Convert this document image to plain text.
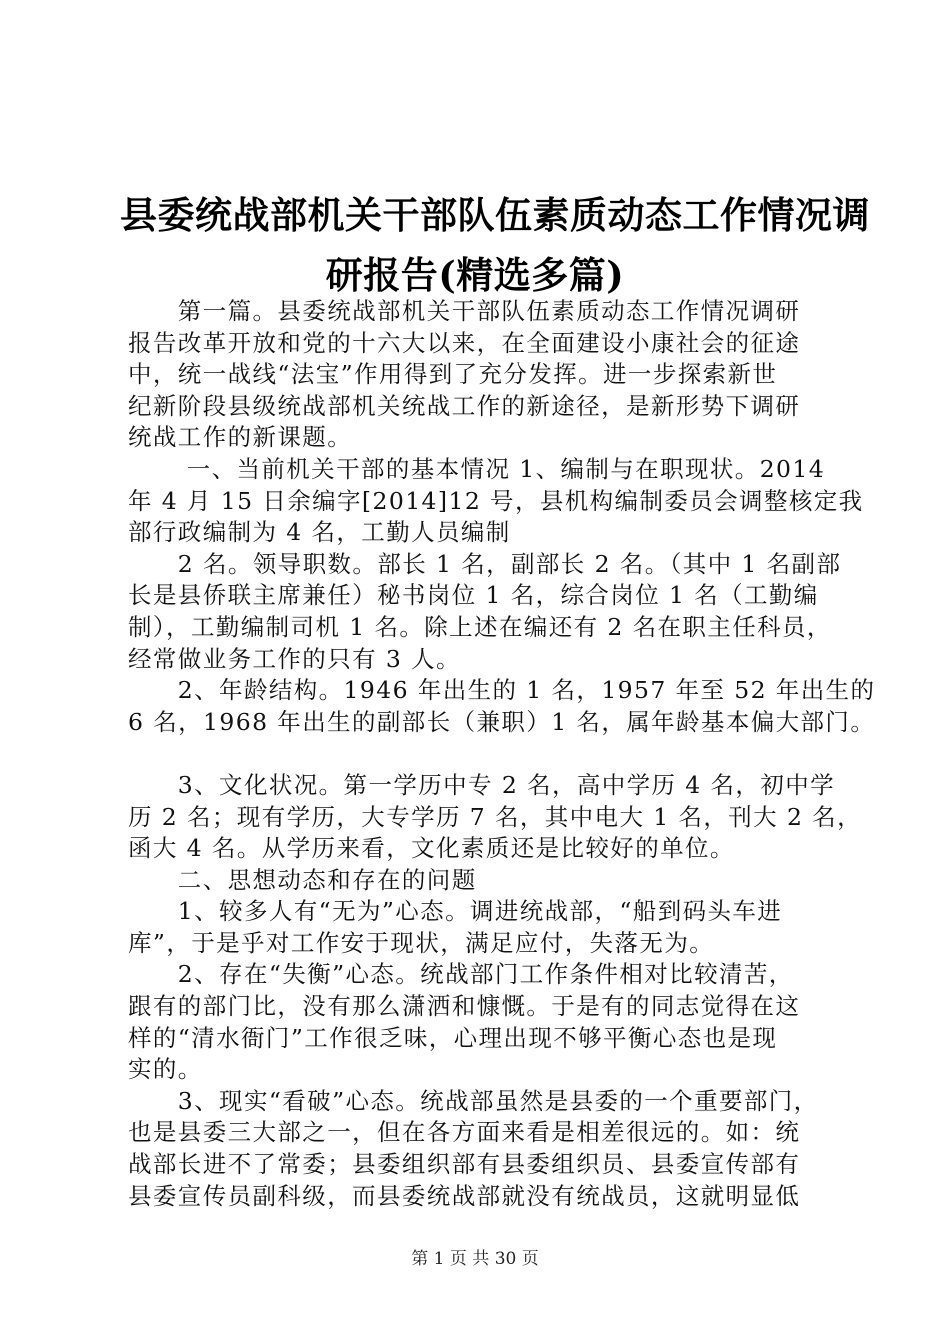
县委统战部机关干部队伍素质动态工作情况调
研报告(精选多篇)
　　第一篇。县委统战部机关干部队伍素质动态工作情况调研
报告改革开放和党的十六大以来，在全面建设小康社会的征途
中，统一战线“法宝”作用得到了充分发挥。进一步探索新世
纪新阶段县级统战部机关统战工作的新途径，是新形势下调研
统战工作的新课题。
　　 一、当前机关干部的基本情况 1、编制与在职现状。2014
年 4 月 15 日余编字[2014]12 号，县机构编制委员会调整核定我
部行政编制为 4 名，工勤人员编制
　　2 名。领导职数。部长 1 名，副部长 2 名。（其中 1 名副部
长是县侨联主席兼任）秘书岗位 1 名，综合岗位 1 名（工勤编
制），工勤编制司机 1 名。除上述在编还有 2 名在职主任科员，
经常做业务工作的只有 3 人。
　　2、年龄结构。1946 年出生的 1 名，1957 年至 52 年出生的
6 名，1968 年出生的副部长（兼职）1 名，属年龄基本偏大部门。
　　3、文化状况。第一学历中专 2 名，高中学历 4 名，初中学
历 2 名；现有学历，大专学历 7 名，其中电大 1 名，刊大 2 名，
函大 4 名。从学历来看，文化素质还是比较好的单位。
　　二、思想动态和存在的问题
　　1、较多人有“无为”心态。调进统战部，“船到码头车进
库”，于是乎对工作安于现状，满足应付，失落无为。
　　2、存在“失衡”心态。统战部门工作条件相对比较清苦，
跟有的部门比，没有那么潇洒和慷慨。于是有的同志觉得在这
样的“清水衙门”工作很乏味，心理出现不够平衡心态也是现
实的。
　　3、现实“看破”心态。统战部虽然是县委的一个重要部门，
也是县委三大部之一，但在各方面来看是相差很远的。如：统
战部长进不了常委；县委组织部有县委组织员、县委宣传部有
县委宣传员副科级，而县委统战部就没有统战员，这就明显低
第 1 页 共 30 页
